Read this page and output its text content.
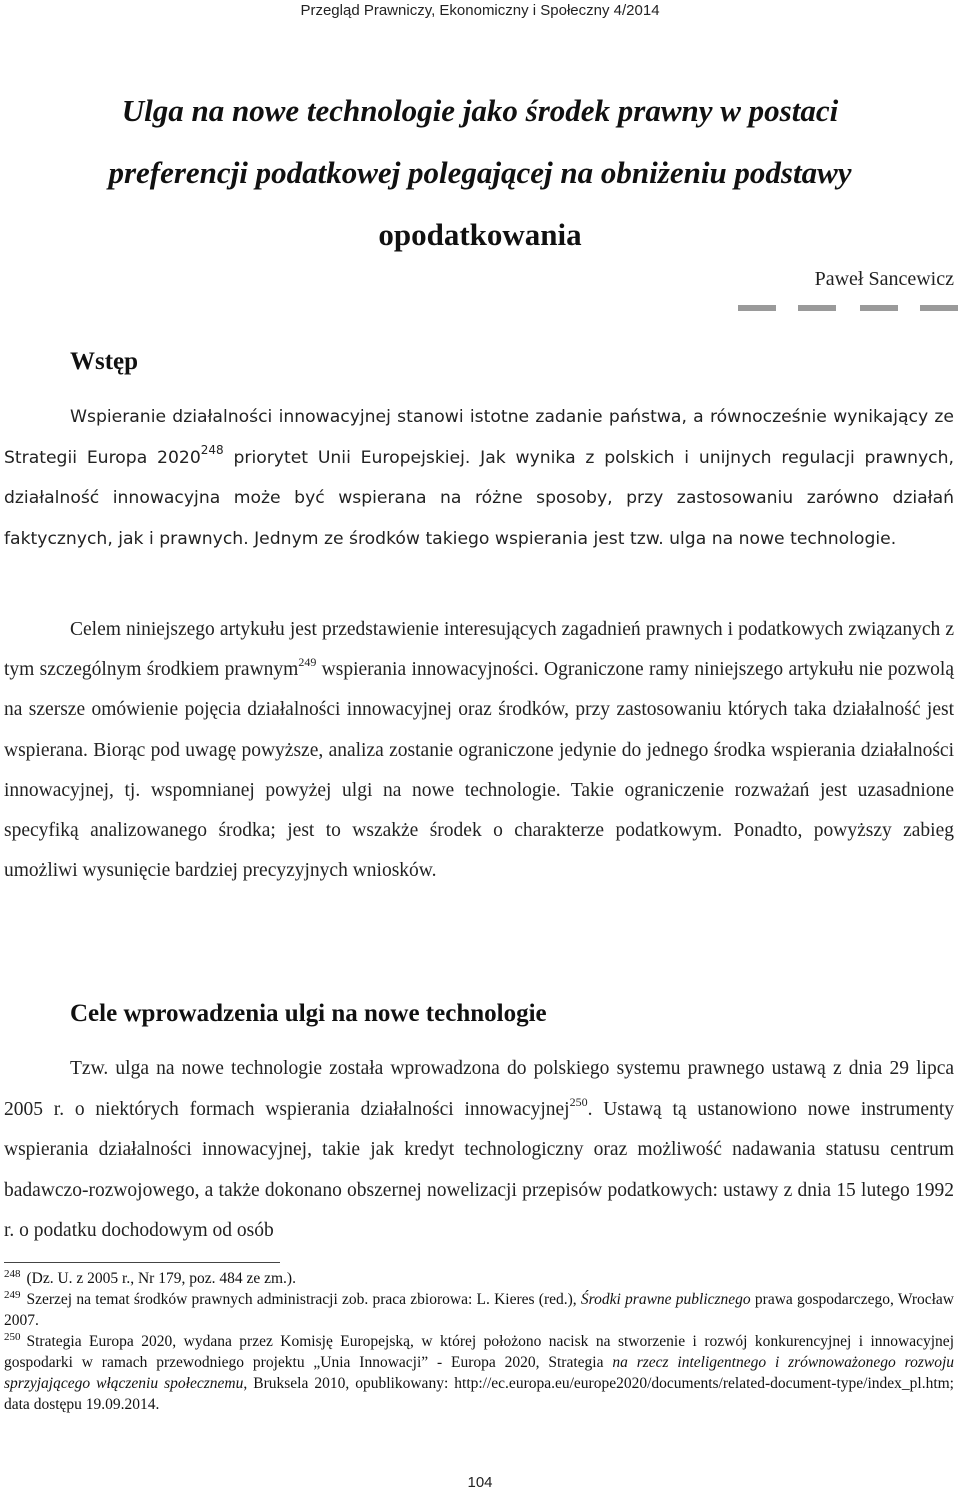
Przegląd Prawniczy, Ekonomiczny i Społeczny 4/2014
Ulga na nowe technologie jako środek prawny w postaci
preferencji podatkowej polegającej na obniżeniu podstawy
opodatkowania
Paweł Sancewicz
Wstęp

Wspieranie działalności innowacyjnej stanowi istotne zadanie państwa, a równocześnie wynikający ze Strategii Europa 2020$^{248}$ priorytet Unii Europejskiej. Jak wynika z polskich i unijnych regulacji prawnych, działalność innowacyjna może być wspierana na różne sposoby, przy zastosowaniu zarówno działań faktycznych, jak i prawnych. Jednym ze środków takiego wspierania jest tzw. ulga na nowe technologie.

Celem niniejszego artykułu jest przedstawienie interesujących zagadnień prawnych i podatkowych związanych z tym szczególnym środkiem prawnym$^{249}$ wspierania innowacyjności. Ograniczone ramy niniejszego artykułu nie pozwolą na szersze omówienie pojęcia działalności innowacyjnej oraz środków, przy zastosowaniu których taka działalność jest wspierana. Biorąc pod uwagę powyższe, analiza zostanie ograniczone jedynie do jednego środka wspierania działalności innowacyjnej, tj. wspomnianej powyżej ulgi na nowe technologie. Takie ograniczenie rozważań jest uzasadnione specyfiką analizowanego środka; jest to wszakże środek o charakterze podatkowym. Ponadto, powyższy zabieg umożliwi wysunięcie bardziej precyzyjnych wniosków.

Cele wprowadzenia ulgi na nowe technologie

Tzw. ulga na nowe technologie została wprowadzona do polskiego systemu prawnego ustawą z dnia 29 lipca 2005 r. o niektórych formach wspierania działalności innowacyjnej$^{250}$. Ustawą tą ustanowiono nowe instrumenty wspierania działalności innowacyjnej, takie jak kredyt technologiczny oraz możliwość nadawania statusu centrum badawczo-rozwojowego, a także dokonano obszernej nowelizacji przepisów podatkowych: ustawy z dnia 15 lutego 1992 r. o podatku dochodowym od osób

$^{248}$ (Dz. U. z 2005 r., Nr 179, poz. 484 ze zm.).
$^{249}$ Szerzej na temat środków prawnych administracji zob. praca zbiorowa: L. Kieres (red.), Środki prawne publicznego prawa gospodarczego, Wrocław 2007.
$^{250}$ Strategia Europa 2020, wydana przez Komisję Europejską, w której położono nacisk na stworzenie i rozwój konkurencyjnej i innowacyjnej gospodarki w ramach przewodniego projektu „Unia Innowacji” - Europa 2020, Strategia na rzecz inteligentnego i zrównoważonego rozwoju sprzyjającego włączeniu społecznemu, Bruksela 2010, opublikowany: http://ec.europa.eu/europe2020/documents/related-document-type/index_pl.htm; data dostępu 19.09.2014.
104
